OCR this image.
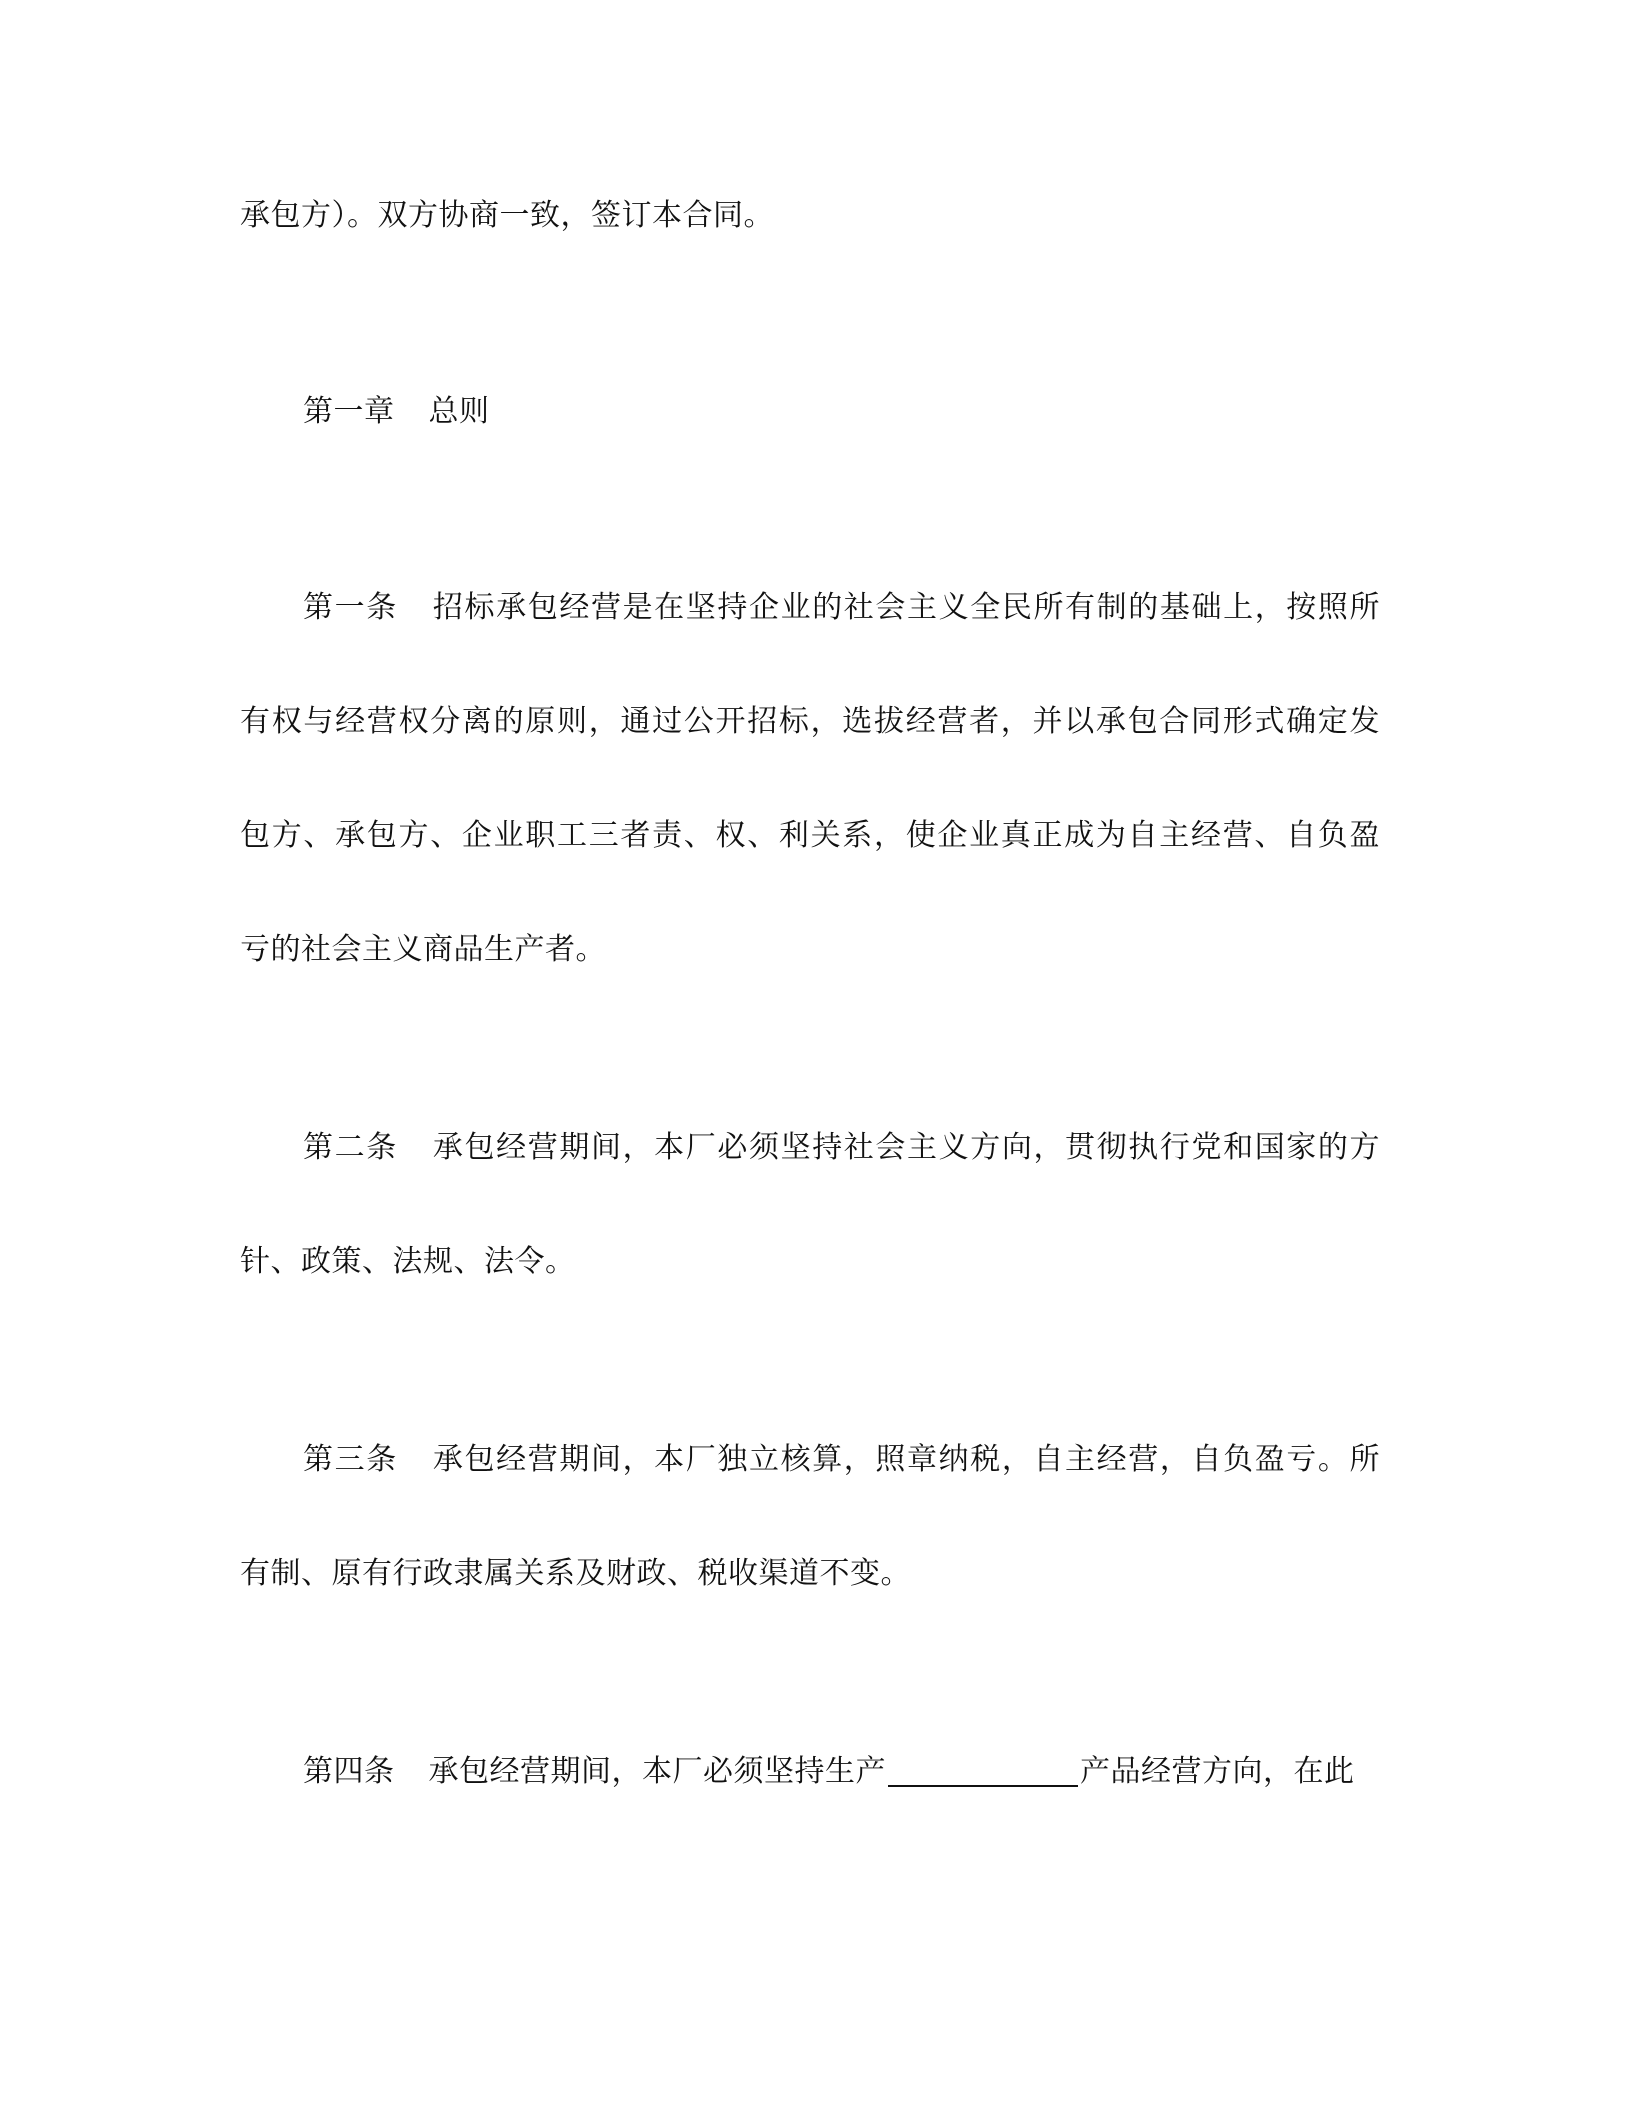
承包方）。双方协商一致，签订本合同。
第一章 总则
第一条 招标承包经营是在坚持企业的社会主义全民所有制的基础上，按照所
有权与经营权分离的原则，通过公开招标，选拔经营者，并以承包合同形式确定发
包方、承包方、企业职工三者责、权、利关系，使企业真正成为自主经营、自负盈
亏的社会主义商品生产者。
第二条 承包经营期间，本厂必须坚持社会主义方向，贯彻执行党和国家的方
针、政策、法规、法令。
第三条 承包经营期间，本厂独立核算，照章纳税，自主经营，自负盈亏。所
有制、原有行政隶属关系及财政、税收渠道不变。
第四条 承包经营期间，本厂必须坚持生产	产品经营方向，在此
